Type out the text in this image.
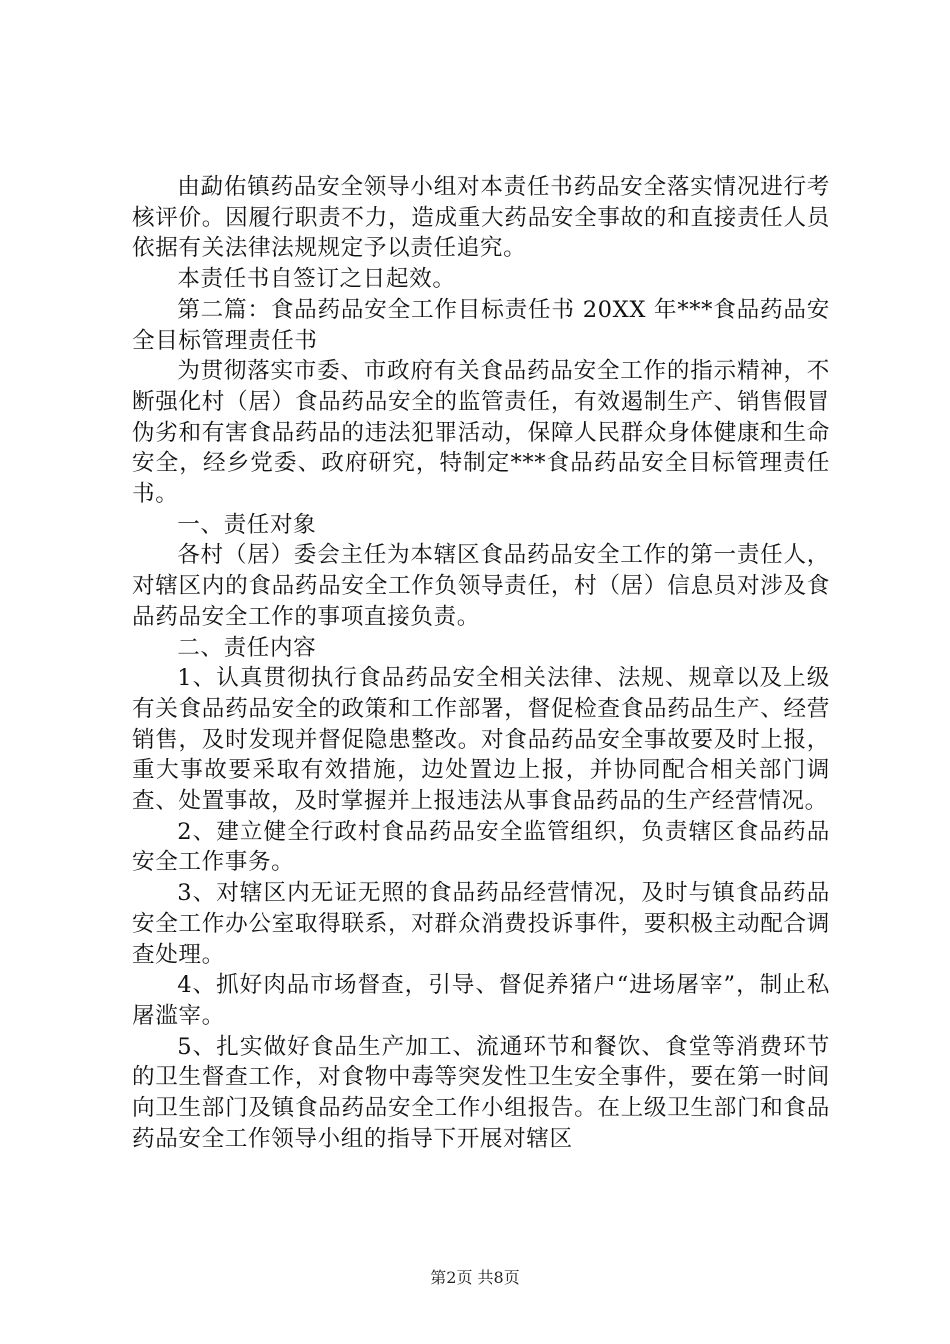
由勐佑镇药品安全领导小组对本责任书药品安全落实情况进行考核评价。因履行职责不力，造成重大药品安全事故的和直接责任人员依据有关法律法规规定予以责任追究。

本责任书自签订之日起效。

第二篇：食品药品安全工作目标责任书 20XX 年***食品药品安全目标管理责任书

为贯彻落实市委、市政府有关食品药品安全工作的指示精神，不断强化村（居）食品药品安全的监管责任，有效遏制生产、销售假冒伪劣和有害食品药品的违法犯罪活动，保障人民群众身体健康和生命安全，经乡党委、政府研究，特制定***食品药品安全目标管理责任书。

一、责任对象

各村（居）委会主任为本辖区食品药品安全工作的第一责任人，对辖区内的食品药品安全工作负领导责任，村（居）信息员对涉及食品药品安全工作的事项直接负责。

二、责任内容

1、认真贯彻执行食品药品安全相关法律、法规、规章以及上级有关食品药品安全的政策和工作部署，督促检查食品药品生产、经营销售，及时发现并督促隐患整改。对食品药品安全事故要及时上报，重大事故要采取有效措施，边处置边上报，并协同配合相关部门调查、处置事故，及时掌握并上报违法从事食品药品的生产经营情况。

2、建立健全行政村食品药品安全监管组织，负责辖区食品药品安全工作事务。

3、对辖区内无证无照的食品药品经营情况，及时与镇食品药品安全工作办公室取得联系，对群众消费投诉事件，要积极主动配合调查处理。

4、抓好肉品市场督查，引导、督促养猪户“进场屠宰”，制止私屠滥宰。

5、扎实做好食品生产加工、流通环节和餐饮、食堂等消费环节的卫生督查工作，对食物中毒等突发性卫生安全事件，要在第一时间向卫生部门及镇食品药品安全工作小组报告。在上级卫生部门和食品药品安全工作领导小组的指导下开展对辖区

第2页 共8页
